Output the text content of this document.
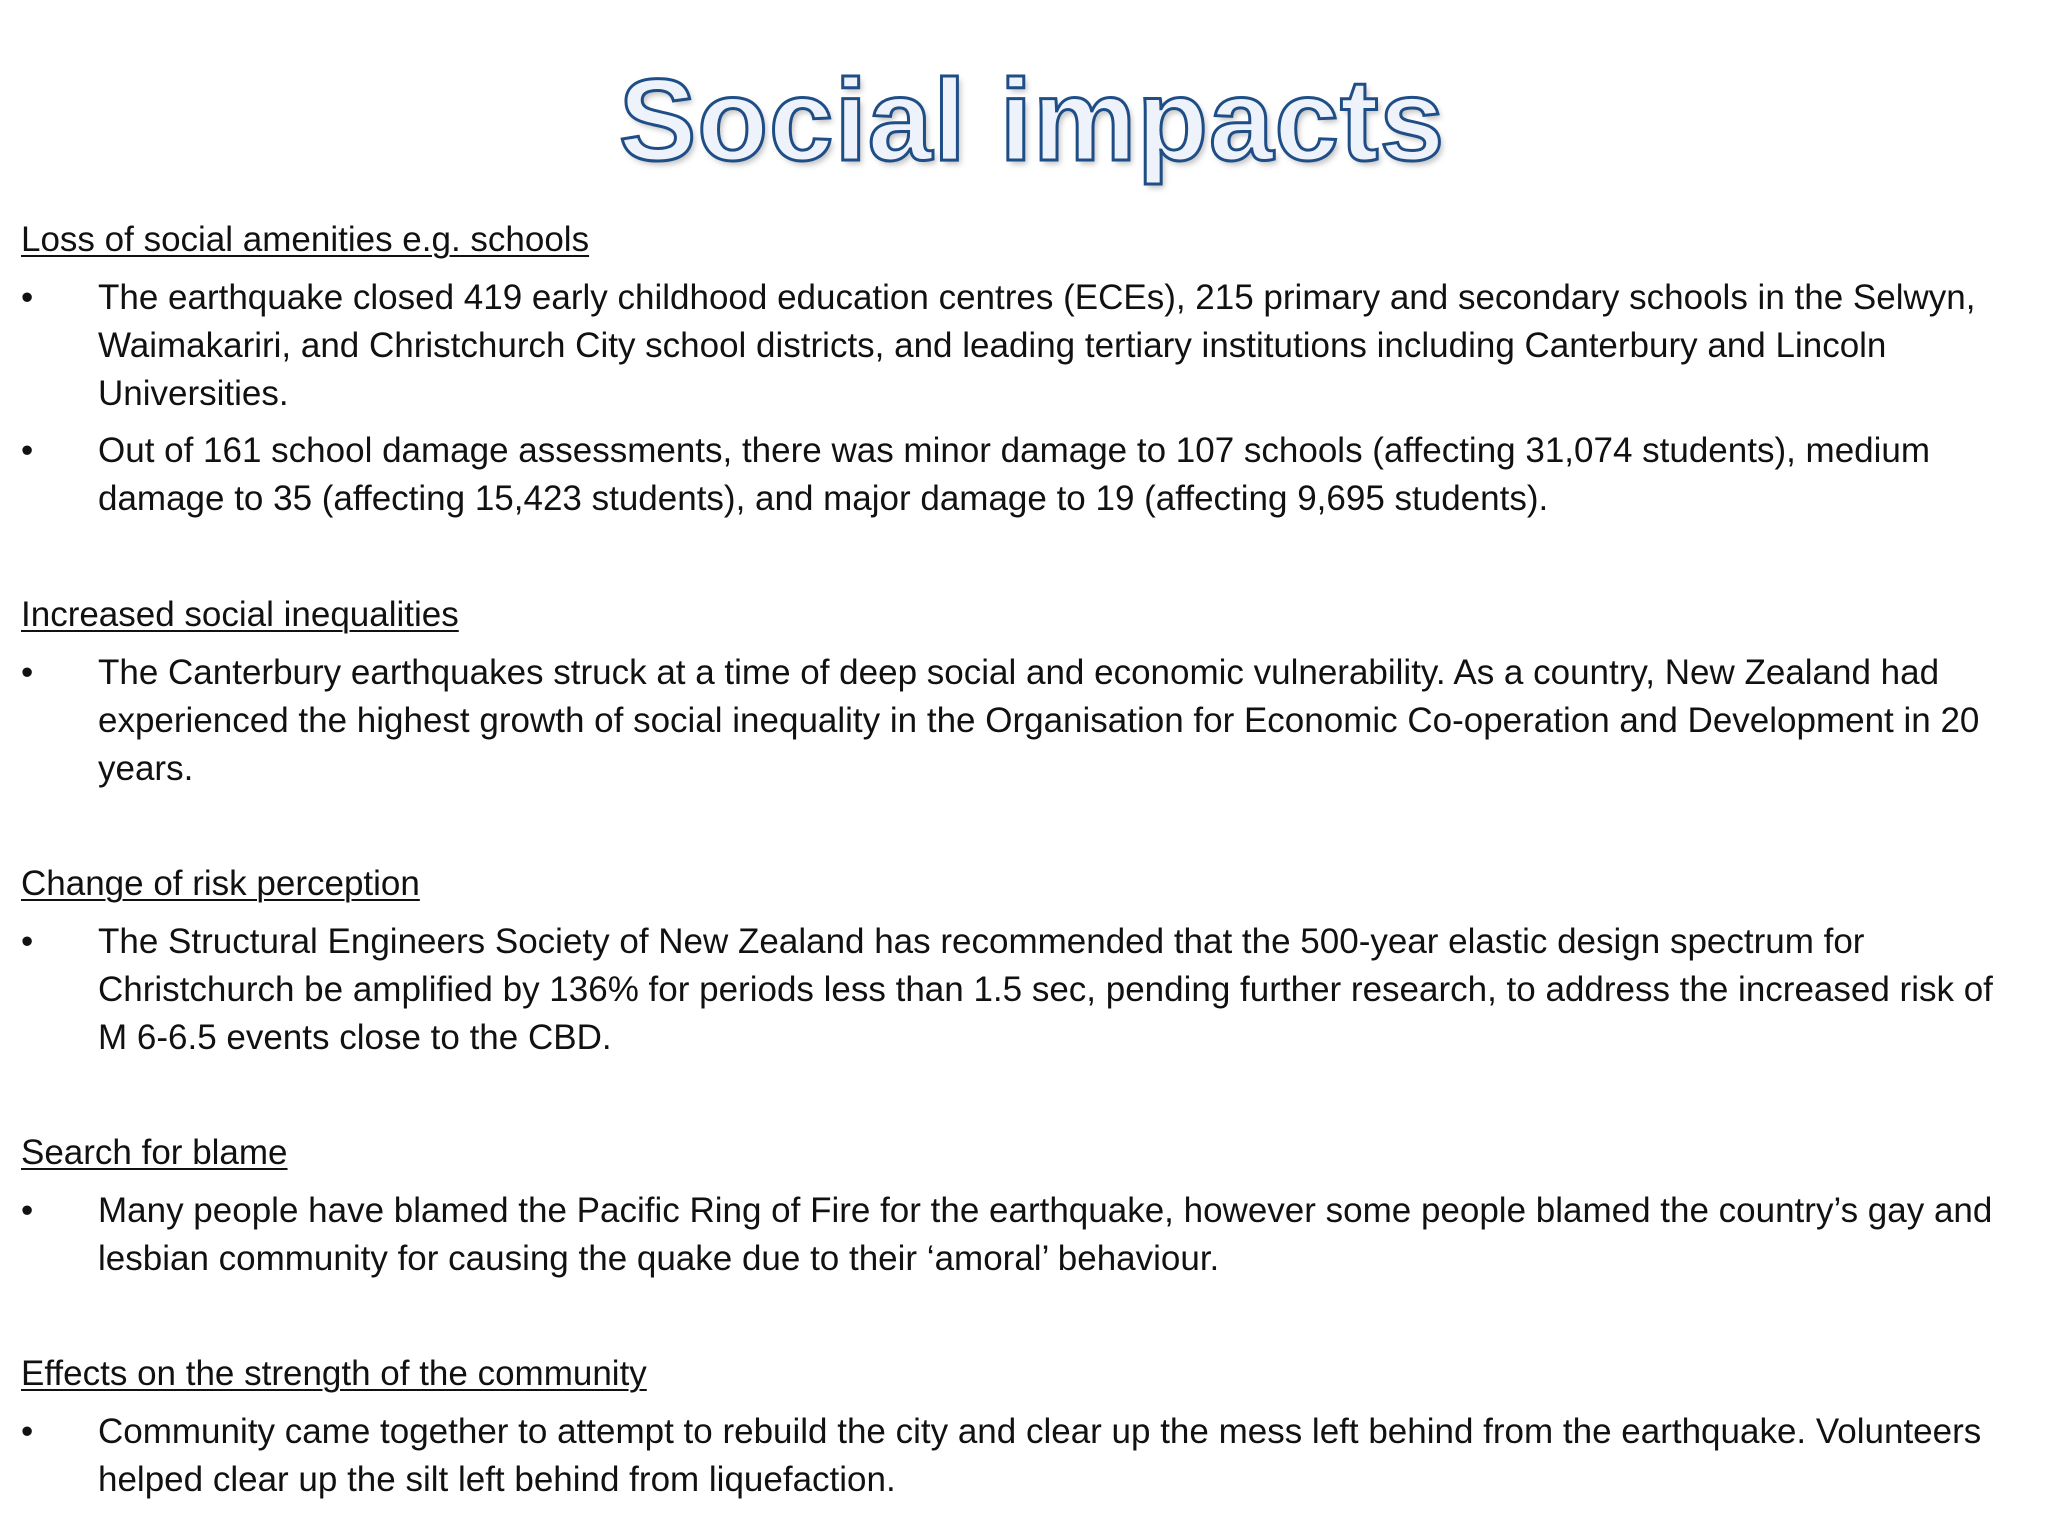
Social impacts
Loss of social amenities e.g. schools
•	The earthquake closed 419 early childhood education centres (ECEs), 215 primary and secondary schools in the Selwyn, Waimakariri, and Christchurch City school districts, and leading tertiary institutions including Canterbury and Lincoln Universities.
•	Out of 161 school damage assessments, there was minor damage to 107 schools (affecting 31,074 students), medium damage to 35 (affecting 15,423 students), and major damage to 19 (affecting 9,695 students).
Increased social inequalities
•	The Canterbury earthquakes struck at a time of deep social and economic vulnerability. As a country, New Zealand had experienced the highest growth of social inequality in the Organisation for Economic Co-operation and Development in 20 years.
Change of risk perception
•	The Structural Engineers Society of New Zealand has recommended that the 500-year elastic design spectrum for Christchurch be amplified by 136% for periods less than 1.5 sec, pending further research, to address the increased risk of M 6-6.5 events close to the CBD.
Search for blame
•	Many people have blamed the Pacific Ring of Fire for the earthquake, however some people blamed the country’s gay and lesbian community for causing the quake due to their ‘amoral’ behaviour.
Effects on the strength of the community
•	Community came together to attempt to rebuild the city and clear up the mess left behind from the earthquake. Volunteers helped clear up the silt left behind from liquefaction.
